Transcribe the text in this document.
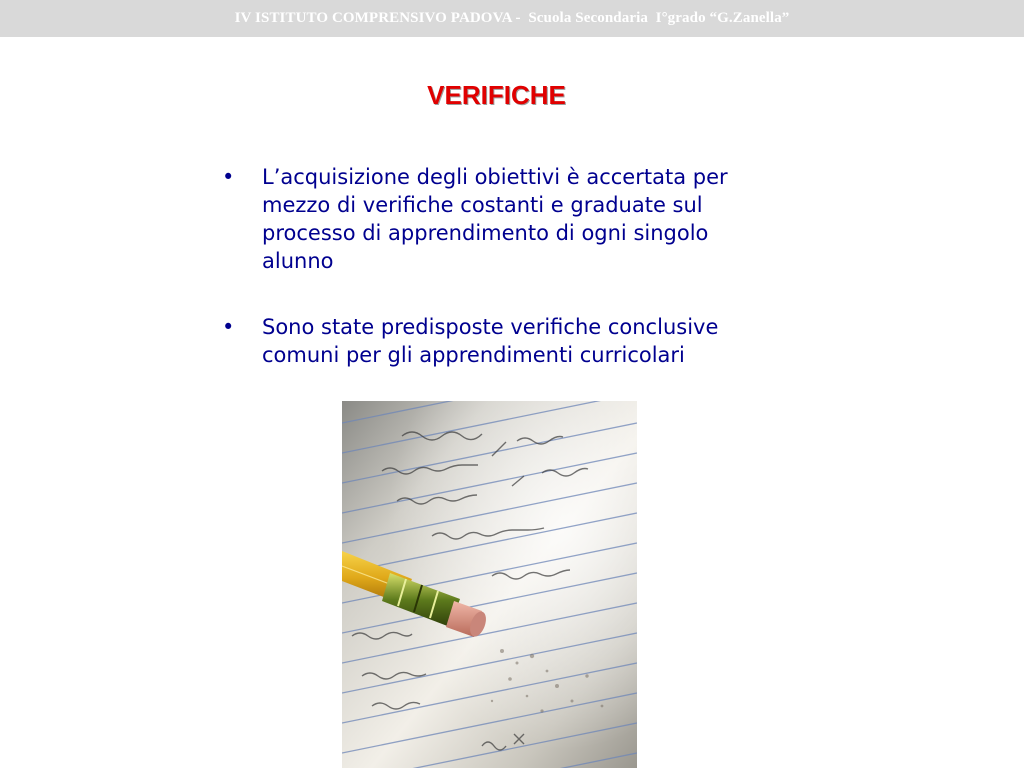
IV ISTITUTO COMPRENSIVO PADOVA -  Scuola Secondaria  I°grado “G.Zanella”
VERIFICHE
• L’acquisizione degli obiettivi è accertata per mezzo di verifiche costanti e graduate sul processo di apprendimento di ogni singolo alunno
• Sono state predisposte verifiche conclusive comuni per gli apprendimenti curricolari
